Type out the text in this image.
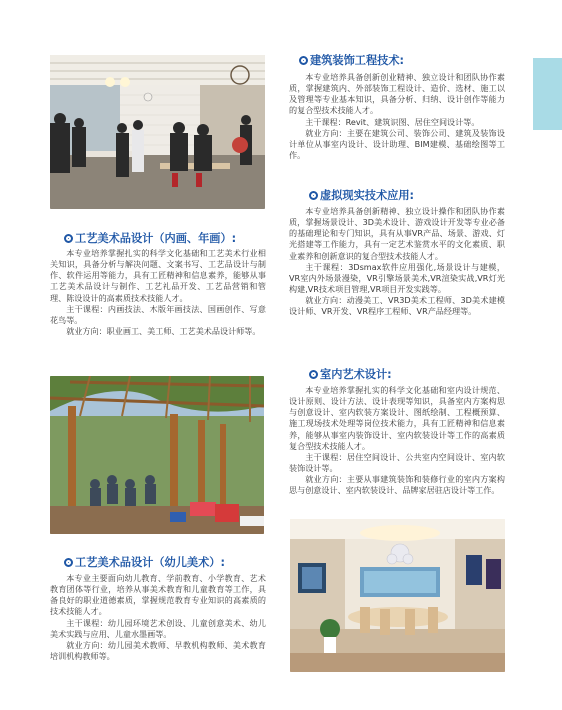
工艺美术品设计（内画、年画）:

本专业培养掌握扎实的科学文化基础和工艺美术行业相关知识，具备分析与解决问题、文案书写、工艺品设计与制作、软件运用等能力，具有工匠精神和信息素养，能够从事工艺美术品设计与制作、工艺礼品开发、工艺品营销和管理、陈设设计的高素质技术技能人才。

主干课程：内画技法、木版年画技法、国画创作、写意花鸟等。

就业方向：职业画工、美工师、工艺美术品设计师等。

工艺美术品设计（幼儿美术）:

本专业主要面向幼儿教育、学前教育、小学教育、艺术教育团体等行业，培养从事美术教育和儿童教育等工作，具备良好的职业道德素质，掌握规范教育专业知识的高素质的技术技能人才。

主干课程：幼儿园环境艺术创设、儿童创意美术、幼儿美术实践与应用、儿童水墨画等。

就业方向：幼儿园美术教师、早教机构教师、美术教育培训机构教师等。

建筑装饰工程技术:

本专业培养具备创新创业精神、独立设计和团队协作素质，掌握建筑内、外部装饰工程设计、造价、选材、施工以及管理等专业基本知识，具备分析、归纳、设计创作等能力的复合型技术技能人才。

主干课程：Revit、建筑识图、居住空间设计等。

就业方向：主要在建筑公司、装饰公司、建筑及装饰设计单位从事室内设计、设计助理、BIM建模、基础绘图等工作。

虚拟现实技术应用:

本专业培养具备创新精神、独立设计操作和团队协作素质，掌握场景设计、3D美术设计、游戏设计开发等专业必备的基础理论和专门知识，具有从事VR产品、场景、游戏、灯光搭建等工作能力，具有一定艺术鉴赏水平的文化素质、职业素养和创新意识的复合型技术技能人才。

主干课程：3Dsmax软件应用强化,场景设计与建模，VR室内外场景漫染，VR引擎场景美术,VR渲染实战,VR灯光构建,VR技术项目管理,VR项目开发实践等。

就业方向：动漫美工、VR3D美术工程师、3D美术建模设计师、VR开发、VR程序工程师、VR产品经理等。

室内艺术设计:

本专业培养掌握扎实的科学文化基础和室内设计规范、设计原则、设计方法、设计表现等知识，具备室内方案构思与创意设计、室内软装方案设计、图纸绘制、工程概预算、施工现场技术处理等岗位技术能力，具有工匠精神和信息素养，能够从事室内装饰设计、室内软装设计等工作的高素质复合型技术技能人才。

主干课程：居住空间设计、公共室内空间设计、室内软装饰设计等。

就业方向：主要从事建筑装饰和装修行业的室内方案构思与创意设计、室内软装设计、品牌家居驻店设计等工作。
